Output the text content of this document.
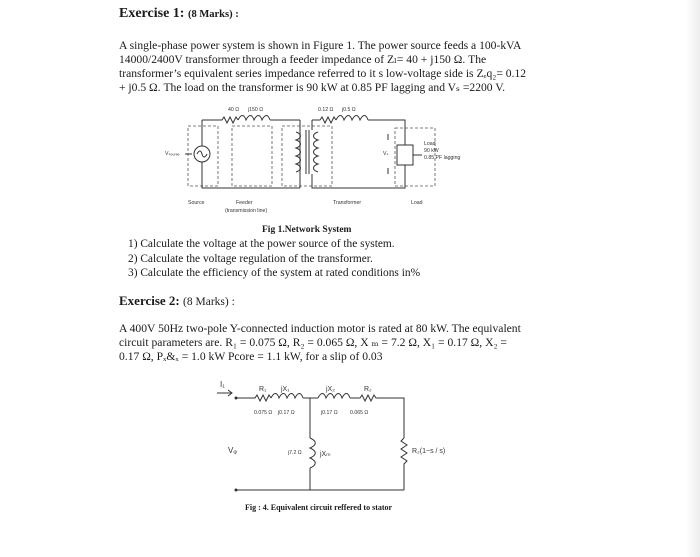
Exercise 1: (8 Marks) :
A single-phase power system is shown in Figure 1. The power source feeds a 100-kVA
14000/2400V transformer through a feeder impedance of Zₗ= 40 + j150 Ω. The
transformer’s equivalent series impedance referred to it s low-voltage side is Zₑq₂= 0.12
+ j0.5 Ω. The load on the transformer is 90 kW at 0.85 PF lagging and Vₛ =2200 V.
40 Ω j150 Ω	0.12 Ω j0.5 Ω
Vₛₒᵤᵣₑₑ	Vₛ
Load
90 kW
0.85 PF lagging
Source	Feeder
(transmission line)
Transformer	Load
Fig 1.Network System
1) Calculate the voltage at the power source of the system.
2) Calculate the voltage regulation of the transformer.
3) Calculate the efficiency of the system at rated conditions in%
Exercise 2: (8 Marks) :
A 400V 50Hz two-pole Y-connected induction motor is rated at 80 kW. The equivalent
circuit parameters are. R₁ = 0.075 Ω, R₂ = 0.065 Ω, X ₘ = 7.2 Ω, X₁ = 0.17 Ω, X₂ =
0.17 Ω, Pₓ&ₓ = 1.0 kW Pcore = 1.1 kW, for a slip of 0.03
I₁
Vᵩ
R₁ jX₁	jX₂	R₂
0.075 Ω j0.17 Ω	j0.17 Ω 0.065 Ω
j7.2 Ω	jXₘ	R₂(1−s / s)
Fig : 4. Equivalent circuit reffered to stator
